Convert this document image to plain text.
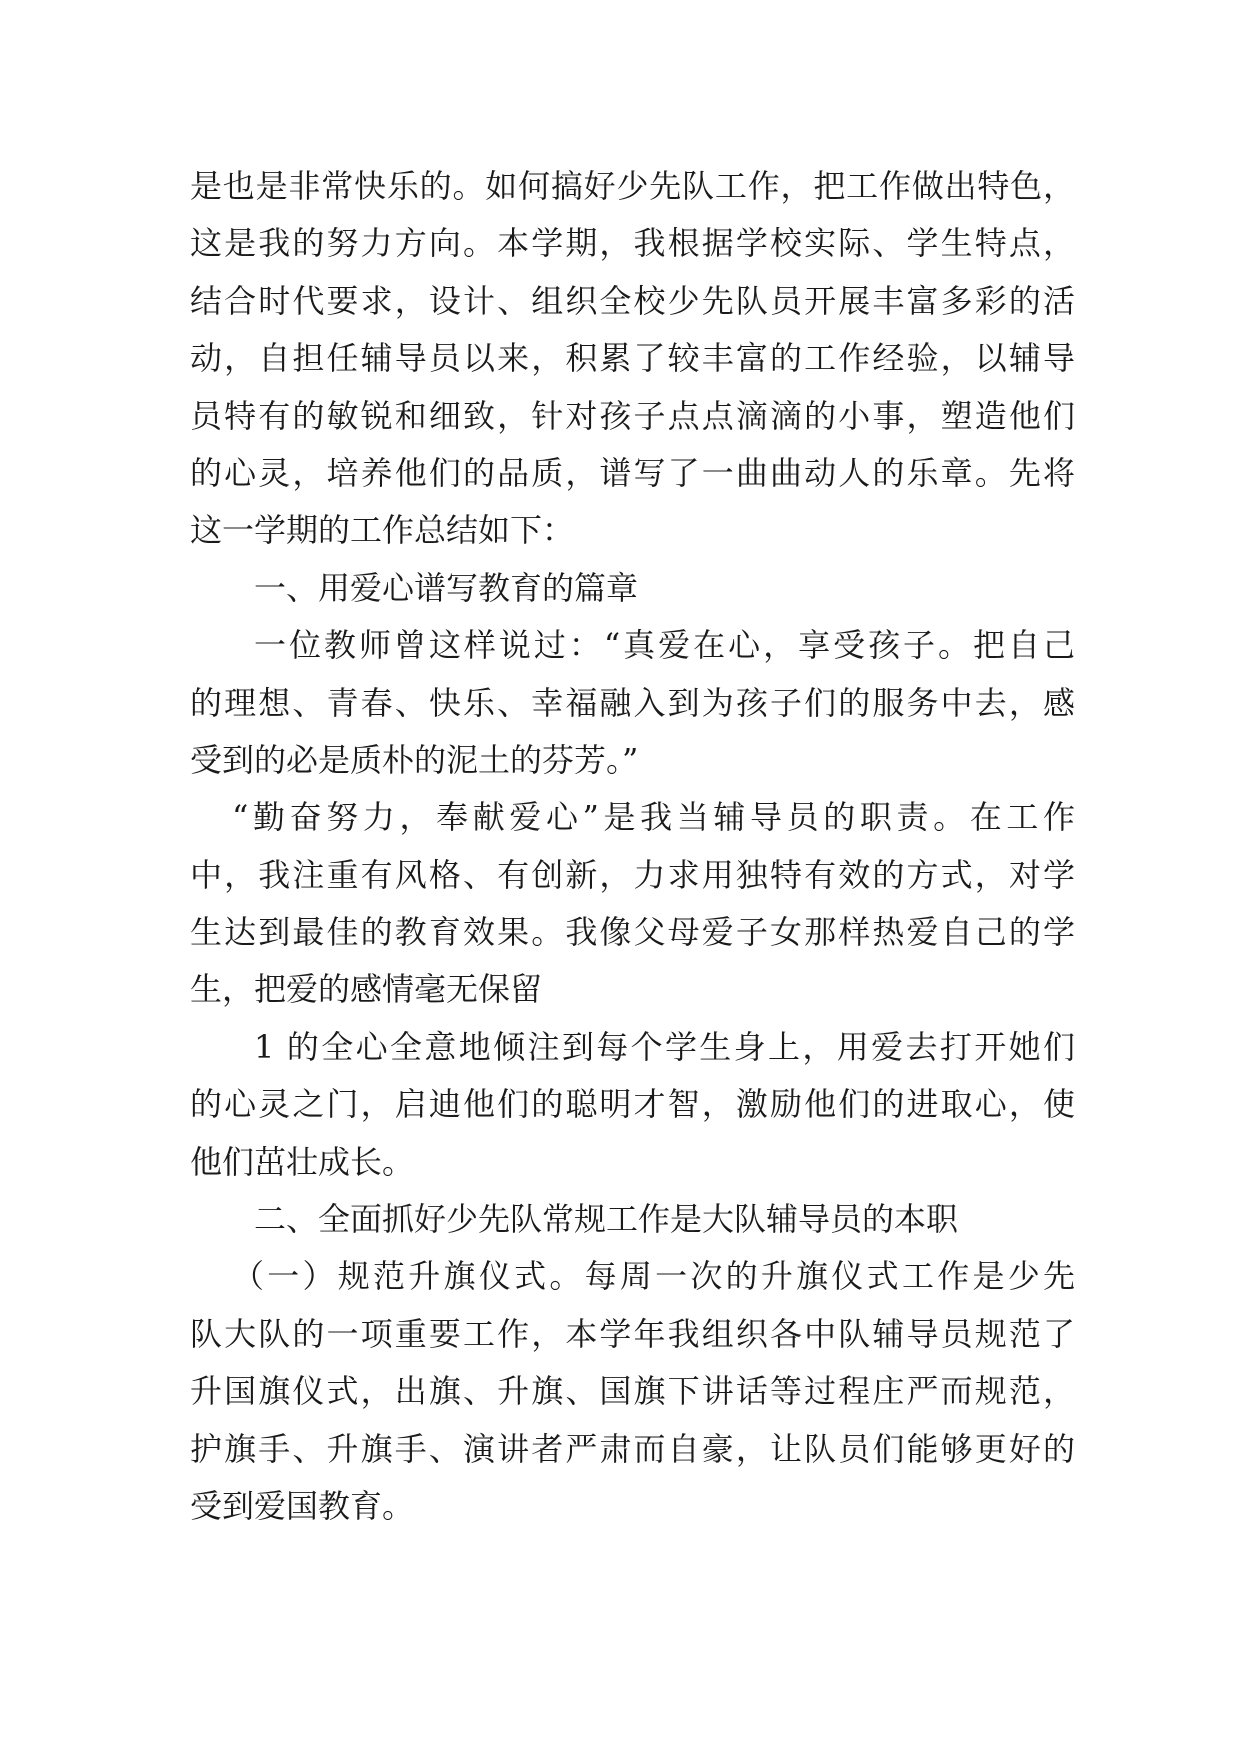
是也是非常快乐的。如何搞好少先队工作，把工作做出特色，
这是我的努力方向。本学期，我根据学校实际、学生特点，
结合时代要求，设计、组织全校少先队员开展丰富多彩的活
动，自担任辅导员以来，积累了较丰富的工作经验，以辅导
员特有的敏锐和细致，针对孩子点点滴滴的小事，塑造他们
的心灵，培养他们的品质，谱写了一曲曲动人的乐章。先将
这一学期的工作总结如下：
一、用爱心谱写教育的篇章
一位教师曾这样说过：“真爱在心，享受孩子。把自己
的理想、青春、快乐、幸福融入到为孩子们的服务中去，感
受到的必是质朴的泥土的芬芳。”
“勤奋努力，奉献爱心”是我当辅导员的职责。在工作
中，我注重有风格、有创新，力求用独特有效的方式，对学
生达到最佳的教育效果。我像父母爱子女那样热爱自己的学
生，把爱的感情毫无保留
1 的全心全意地倾注到每个学生身上，用爱去打开她们
的心灵之门，启迪他们的聪明才智，激励他们的进取心，使
他们茁壮成长。
二、全面抓好少先队常规工作是大队辅导员的本职
（一）规范升旗仪式。每周一次的升旗仪式工作是少先
队大队的一项重要工作，本学年我组织各中队辅导员规范了
升国旗仪式，出旗、升旗、国旗下讲话等过程庄严而规范，
护旗手、升旗手、演讲者严肃而自豪，让队员们能够更好的
受到爱国教育。
